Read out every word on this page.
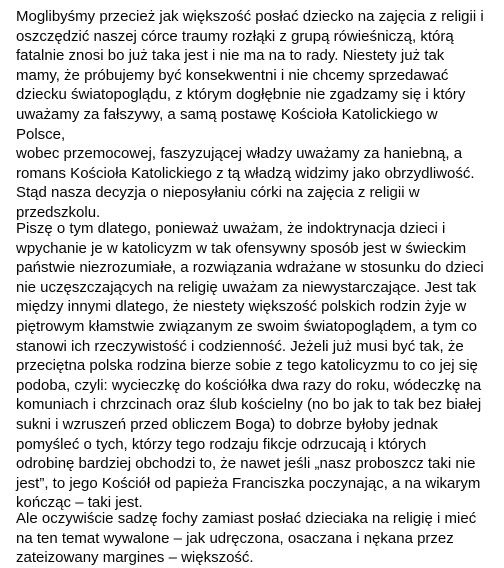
Moglibyśmy przecież jak większość posłać dziecko na zajęcia z religii i
oszczędzić naszej córce traumy rozłąki z grupą rówieśniczą, którą
fatalnie znosi bo już taka jest i nie ma na to rady. Niestety już tak
mamy, że próbujemy być konsekwentni i nie chcemy sprzedawać
dziecku światopoglądu, z którym dogłębnie nie zgadzamy się i który
uważamy za fałszywy, a samą postawę Kościoła Katolickiego w Polsce,
wobec przemocowej, faszyzującej władzy uważamy za haniebną, a
romans Kościoła Katolickiego z tą władzą widzimy jako obrzydliwość.
Stąd nasza decyzja o nieposyłaniu córki na zajęcia z religii w
przedszkolu.

Piszę o tym dlatego, ponieważ uważam, że indoktrynacja dzieci i
wpychanie je w katolicyzm w tak ofensywny sposób jest w świeckim
państwie niezrozumiałe, a rozwiązania wdrażane w stosunku do dzieci
nie uczęszczających na religię uważam za niewystarczające. Jest tak
między innymi dlatego, że niestety większość polskich rodzin żyje w
piętrowym kłamstwie związanym ze swoim światopoglądem, a tym co
stanowi ich rzeczywistość i codzienność. Jeżeli już musi być tak, że
przeciętna polska rodzina bierze sobie z tego katolicyzmu to co jej się
podoba, czyli: wycieczkę do kościółka dwa razy do roku, wódeczkę na
komuniach i chrzcinach oraz ślub kościelny (no bo jak to tak bez białej
sukni i wzruszeń przed obliczem Boga) to dobrze byłoby jednak
pomyśleć o tych, którzy tego rodzaju fikcje odrzucają i których
odrobinę bardziej obchodzi to, że nawet jeśli „nasz proboszcz taki nie
jest”, to jego Kościół od papieża Franciszka poczynając, a na wikarym
kończąc – taki jest.

Ale oczywiście sadzę fochy zamiast posłać dzieciaka na religię i mieć
na ten temat wywalone – jak udręczona, osaczana i nękana przez
zateizowany margines – większość.
